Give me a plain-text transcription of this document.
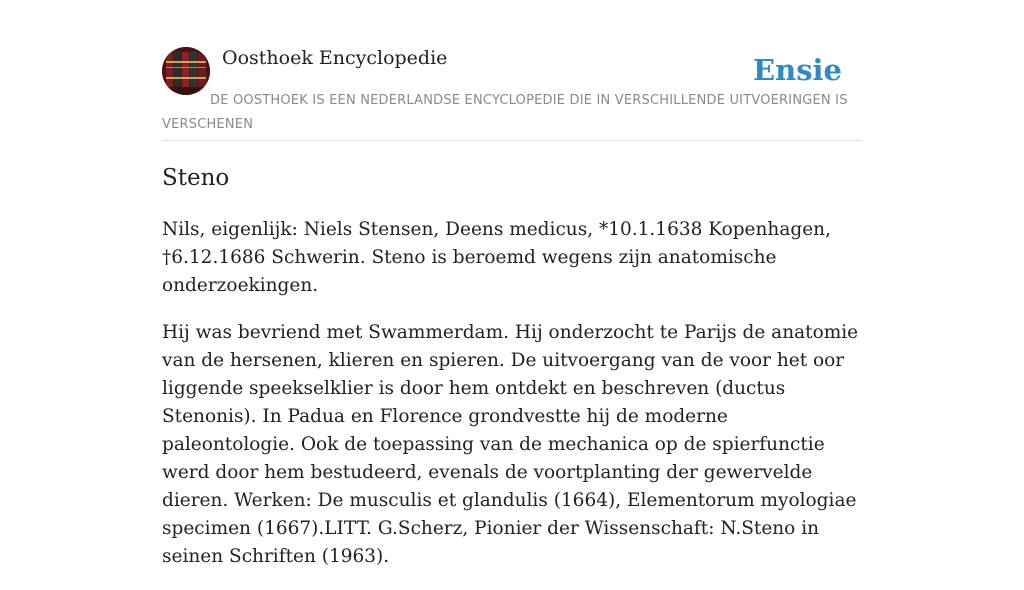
Oosthoek Encyclopedie	Ensie
DE OOSTHOEK IS EEN NEDERLANDSE ENCYCLOPEDIE DIE IN VERSCHILLENDE UITVOERINGEN IS VERSCHENEN
Steno

Nils, eigenlijk: Niels Stensen, Deens medicus, *10.1.1638 Kopenhagen, †6.12.1686 Schwerin. Steno is beroemd wegens zijn anatomische onderzoekingen.

Hij was bevriend met Swammerdam. Hij onderzocht te Parijs de anatomie van de hersenen, klieren en spieren. De uitvoergang van de voor het oor liggende speekselklier is door hem ontdekt en beschreven (ductus Stenonis). In Padua en Florence grondvestte hij de moderne paleontologie. Ook de toepassing van de mechanica op de spierfunctie werd door hem bestudeerd, evenals de voortplanting der gewervelde dieren. Werken: De musculis et glandulis (1664), Elementorum myologiae specimen (1667).LITT. G.Scherz, Pionier der Wissenschaft: N.Steno in seinen Schriften (1963).
